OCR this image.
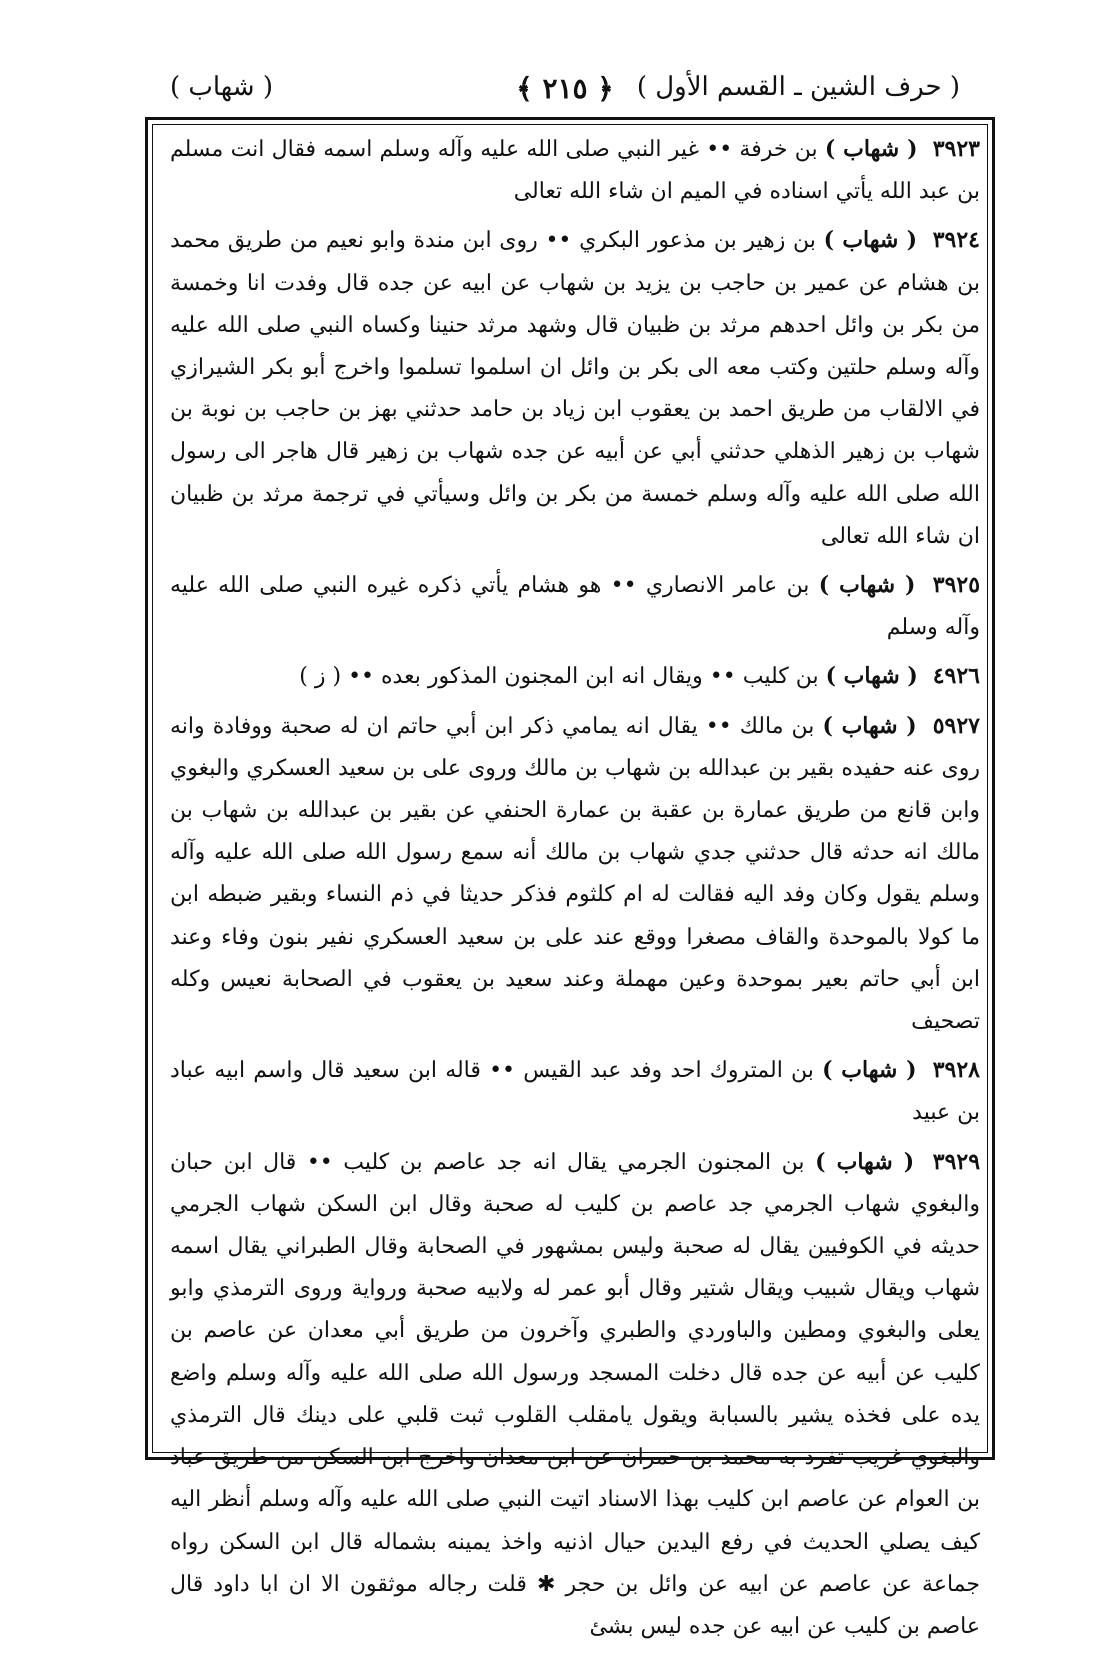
( حرف الشين ـ القسم الأول )
﴿ ٢١٥ ﴾
( شهاب )

٣٩٢٣ ( شهاب ) بن خرفة •• غير النبي صلى الله عليه وآله وسلم اسمه فقال انت مسلم بن عبد الله يأتي اسناده في الميم ان شاء الله تعالى

٣٩٢٤ ( شهاب ) بن زهير بن مذعور البكري •• روى ابن مندة وابو نعيم من طريق محمد بن هشام عن عمير بن حاجب بن يزيد بن شهاب عن ابيه عن جده قال وفدت انا وخمسة من بكر بن وائل احدهم مرثد بن ظبيان قال وشهد مرثد حنينا وكساه النبي صلى الله عليه وآله وسلم حلتين وكتب معه الى بكر بن وائل ان اسلموا تسلموا واخرج أبو بكر الشيرازي في الالقاب من طريق احمد بن يعقوب ابن زياد بن حامد حدثني بهز بن حاجب بن نوبة بن شهاب بن زهير الذهلي حدثني أبي عن أبيه عن جده شهاب بن زهير قال هاجر الى رسول الله صلى الله عليه وآله وسلم خمسة من بكر بن وائل وسيأتي في ترجمة مرثد بن ظبيان ان شاء الله تعالى

٣٩٢٥ ( شهاب ) بن عامر الانصاري •• هو هشام يأتي ذكره غيره النبي صلى الله عليه وآله وسلم

٤٩٢٦ ( شهاب ) بن كليب •• ويقال انه ابن المجنون المذكور بعده •• ( ز )

٥٩٢٧ ( شهاب ) بن مالك •• يقال انه يمامي ذكر ابن أبي حاتم ان له صحبة ووفادة وانه روى عنه حفيده بقير بن عبدالله بن شهاب بن مالك وروى على بن سعيد العسكري والبغوي وابن قانع من طريق عمارة بن عقبة بن عمارة الحنفي عن بقير بن عبدالله بن شهاب بن مالك انه حدثه قال حدثني جدي شهاب بن مالك أنه سمع رسول الله صلى الله عليه وآله وسلم يقول وكان وفد اليه فقالت له ام كلثوم فذكر حديثا في ذم النساء وبقير ضبطه ابن ما كولا بالموحدة والقاف مصغرا ووقع عند على بن سعيد العسكري نفير بنون وفاء وعند ابن أبي حاتم بعير بموحدة وعين مهملة وعند سعيد بن يعقوب في الصحابة نعيس وكله تصحيف

٣٩٢٨ ( شهاب ) بن المتروك احد وفد عبد القيس •• قاله ابن سعيد قال واسم ابيه عباد بن عبيد

٣٩٢٩ ( شهاب ) بن المجنون الجرمي يقال انه جد عاصم بن كليب •• قال ابن حبان والبغوي شهاب الجرمي جد عاصم بن كليب له صحبة وقال ابن السكن شهاب الجرمي حديثه في الكوفيين يقال له صحبة وليس بمشهور في الصحابة وقال الطبراني يقال اسمه شهاب ويقال شبيب ويقال شتير وقال أبو عمر له ولابيه صحبة ورواية وروى الترمذي وابو يعلى والبغوي ومطين والباوردي والطبري وآخرون من طريق أبي معدان عن عاصم بن كليب عن أبيه عن جده قال دخلت المسجد ورسول الله صلى الله عليه وآله وسلم واضع يده على فخذه يشير بالسبابة ويقول يامقلب القلوب ثبت قلبي على دينك قال الترمذي والبغوي غريب تفرد به محمد بن حمران عن ابن معدان واخرج ابن السكن من طريق عباد بن العوام عن عاصم ابن كليب بهذا الاسناد اتيت النبي صلى الله عليه وآله وسلم أنظر اليه كيف يصلي الحديث في رفع اليدين حيال اذنيه واخذ يمينه بشماله قال ابن السكن رواه جماعة عن عاصم عن ابيه عن وائل بن حجر ✱ قلت رجاله موثقون الا ان ابا داود قال عاصم بن كليب عن ابيه عن جده ليس بشئ
